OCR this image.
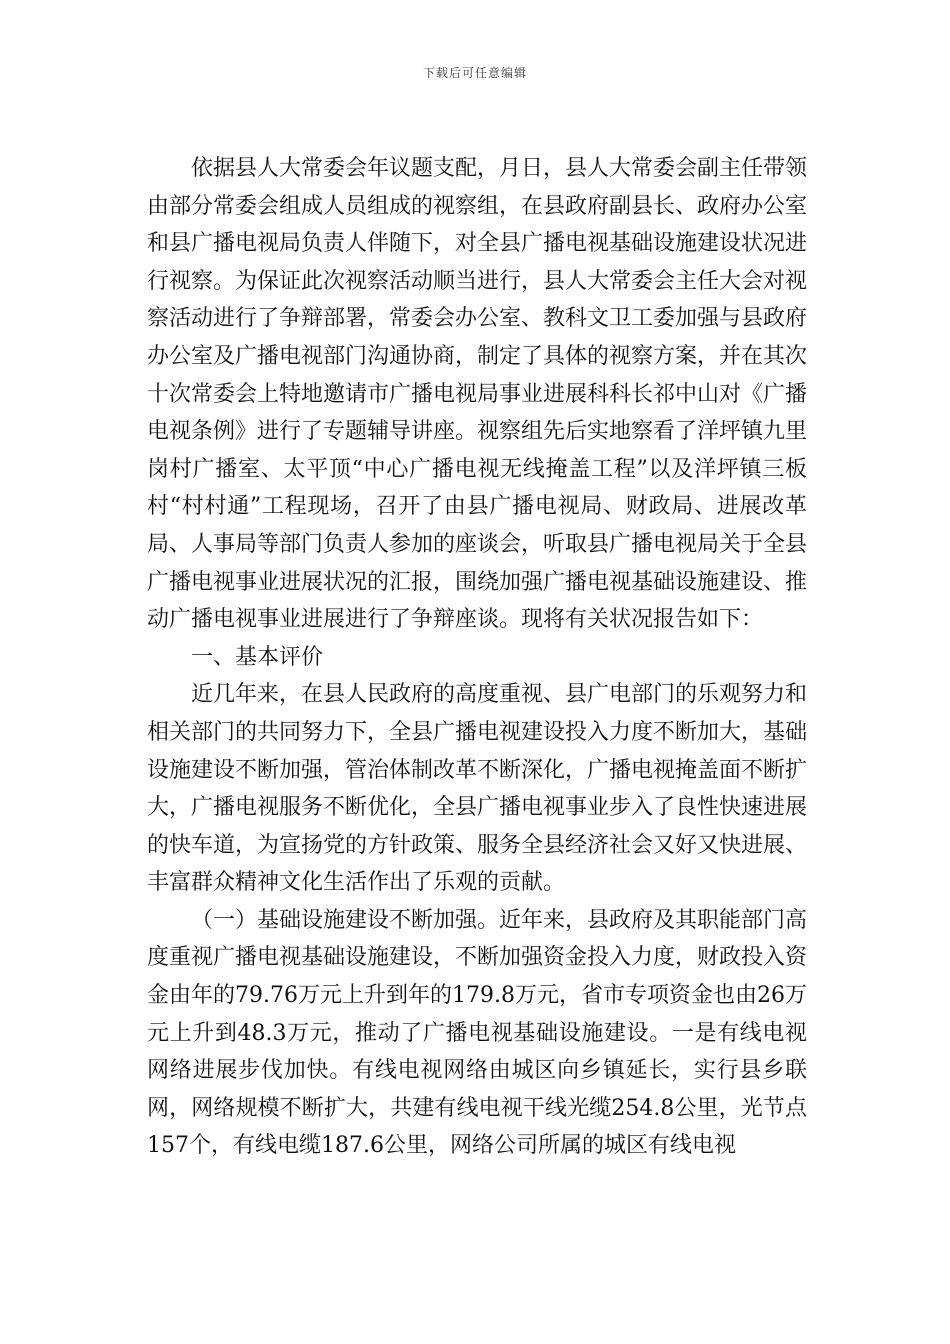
下载后可任意编辑

依据县人大常委会年议题支配，月日，县人大常委会副主任带领由部分常委会组成人员组成的视察组，在县政府副县长、政府办公室和县广播电视局负责人伴随下，对全县广播电视基础设施建设状况进行视察。为保证此次视察活动顺当进行，县人大常委会主任大会对视察活动进行了争辩部署，常委会办公室、教科文卫工委加强与县政府办公室及广播电视部门沟通协商，制定了具体的视察方案，并在其次十次常委会上特地邀请市广播电视局事业进展科科长祁中山对《广播电视条例》进行了专题辅导讲座。视察组先后实地察看了洋坪镇九里岗村广播室、太平顶“中心广播电视无线掩盖工程”以及洋坪镇三板村“村村通”工程现场，召开了由县广播电视局、财政局、进展改革局、人事局等部门负责人参加的座谈会，听取县广播电视局关于全县广播电视事业进展状况的汇报，围绕加强广播电视基础设施建设、推动广播电视事业进展进行了争辩座谈。现将有关状况报告如下：

一、基本评价

近几年来，在县人民政府的高度重视、县广电部门的乐观努力和相关部门的共同努力下，全县广播电视建设投入力度不断加大，基础设施建设不断加强，管治体制改革不断深化，广播电视掩盖面不断扩大，广播电视服务不断优化，全县广播电视事业步入了良性快速进展的快车道，为宣扬党的方针政策、服务全县经济社会又好又快进展、丰富群众精神文化生活作出了乐观的贡献。

（一）基础设施建设不断加强。近年来，县政府及其职能部门高度重视广播电视基础设施建设，不断加强资金投入力度，财政投入资金由年的79.76万元上升到年的179.8万元，省市专项资金也由26万元上升到48.3万元，推动了广播电视基础设施建设。一是有线电视网络进展步伐加快。有线电视网络由城区向乡镇延长，实行县乡联网，网络规模不断扩大，共建有线电视干线光缆254.8公里，光节点157个，有线电缆187.6公里，网络公司所属的城区有线电视
